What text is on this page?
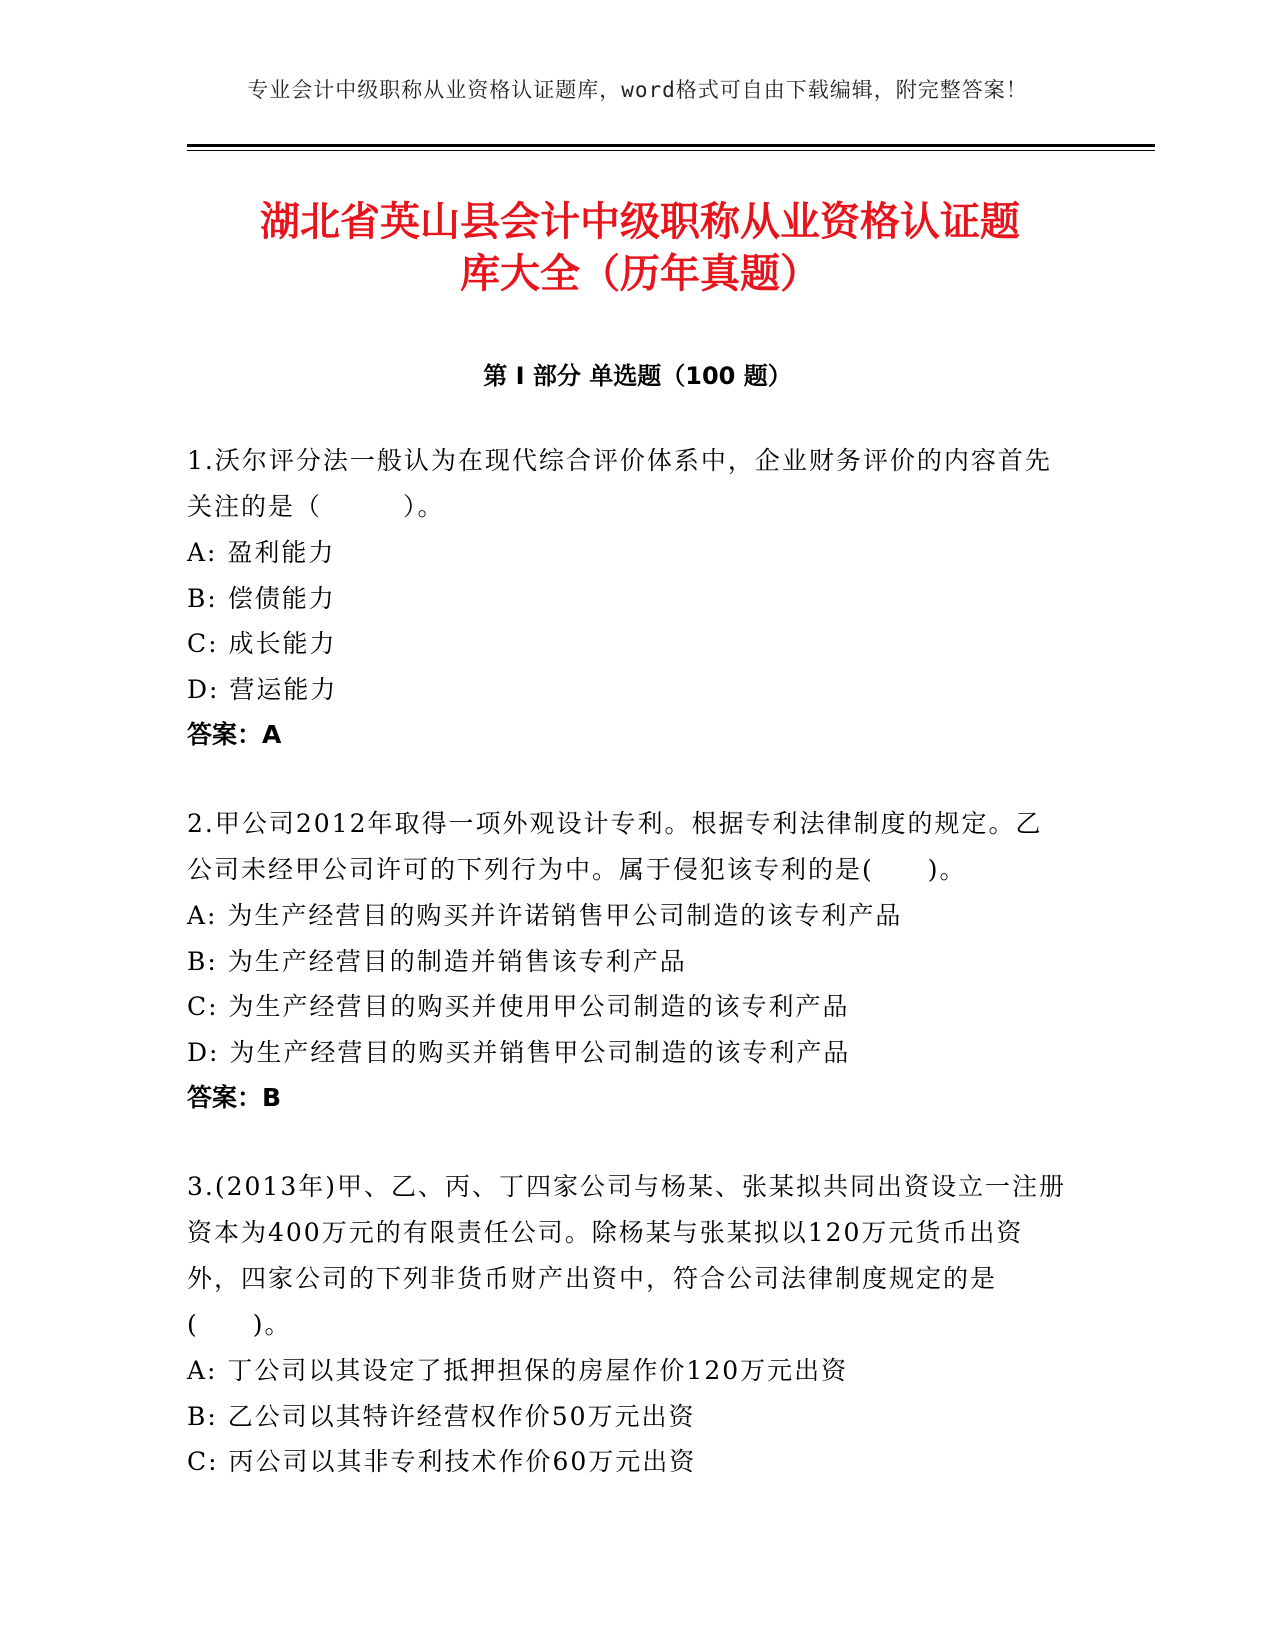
专业会计中级职称从业资格认证题库，word格式可自由下载编辑，附完整答案！
湖北省英山县会计中级职称从业资格认证题
库大全（历年真题）
第 I 部分 单选题（100 题）
1.沃尔评分法一般认为在现代综合评价体系中，企业财务评价的内容首先关注的是（　　　）。
A: 盈利能力
B: 偿债能力
C: 成长能力
D: 营运能力
答案：A
2.甲公司2012年取得一项外观设计专利。根据专利法律制度的规定。乙公司未经甲公司许可的下列行为中。属于侵犯该专利的是(　　)。
A: 为生产经营目的购买并许诺销售甲公司制造的该专利产品
B: 为生产经营目的制造并销售该专利产品
C: 为生产经营目的购买并使用甲公司制造的该专利产品
D: 为生产经营目的购买并销售甲公司制造的该专利产品
答案：B
3.(2013年)甲、乙、丙、丁四家公司与杨某、张某拟共同出资设立一注册资本为400万元的有限责任公司。除杨某与张某拟以120万元货币出资外，四家公司的下列非货币财产出资中，符合公司法律制度规定的是(　　)。
A: 丁公司以其设定了抵押担保的房屋作价120万元出资
B: 乙公司以其特许经营权作价50万元出资
C: 丙公司以其非专利技术作价60万元出资
